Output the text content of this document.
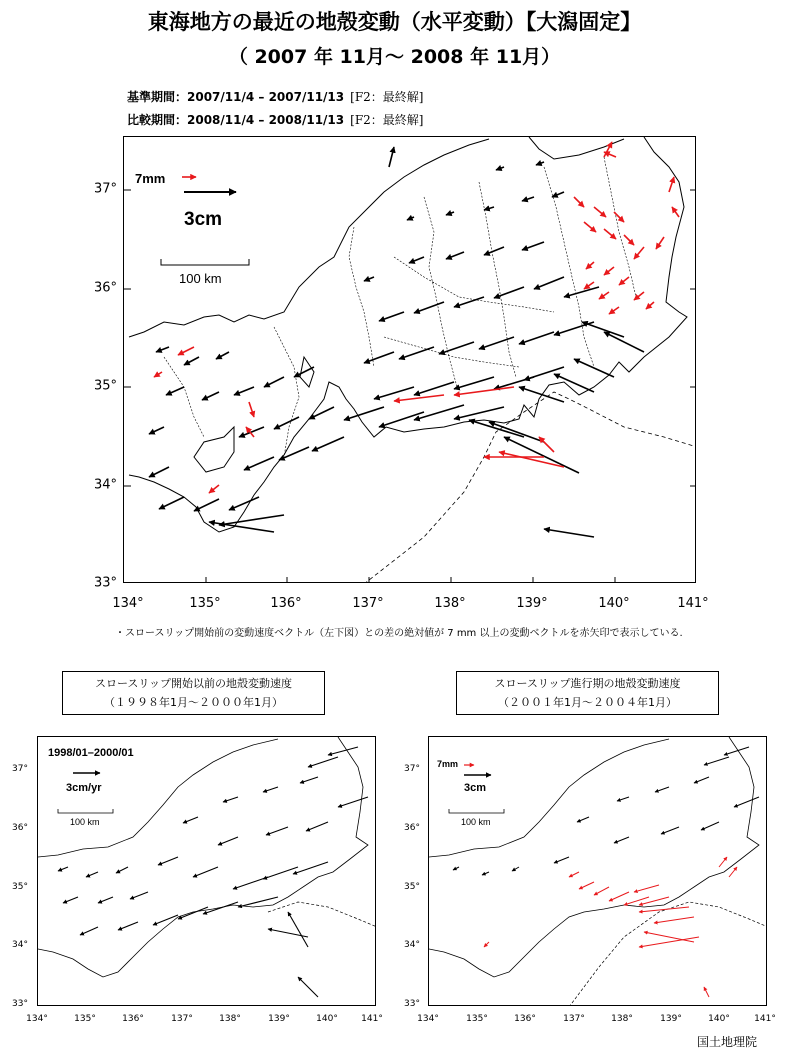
東海地方の最近の地殻変動（水平変動）【大潟固定】
（ 2007 年 11月～ 2008 年 11月）
基準期間：2007/11/4 – 2007/11/13 [F2：最終解]
比較期間：2008/11/4 – 2008/11/13 [F2：最終解]
7mm
3cm
100 km
134°	135°	136°	137°	138°	139°	140°	141°
37°
36°
35°
34°
33°
・スロースリップ開始前の変動速度ベクトル（左下図）との差の絶対値が 7 mm 以上の変動ベクトルを赤矢印で表示している.
スロースリップ開始以前の地殻変動速度
（１９９８年1月～２０００年1月）
スロースリップ進行期の地殻変動速度
（２００１年1月～２００４年1月）
1998/01–2000/01
3cm/yr
100 km
7mm
3cm
100 km
134°	135°	136°	137°	138°	139°	140°	141°
37°
36°
35°
34°
33°
134°	135°	136°	137°	138°	139°	140°	141°
37°
36°
35°
34°
33°
国土地理院
